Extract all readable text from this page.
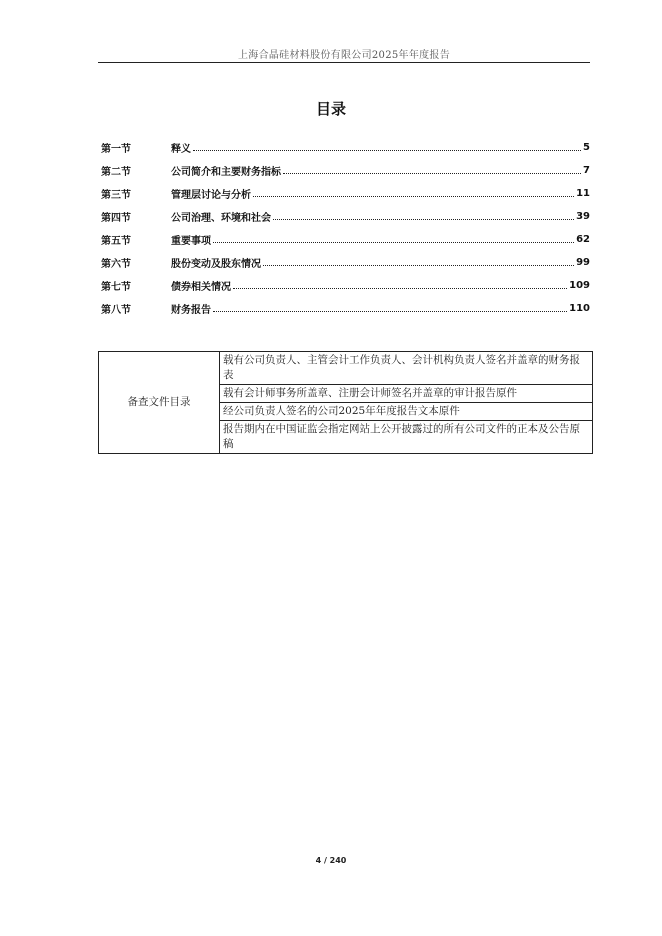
上海合晶硅材料股份有限公司2025年年度报告
目录
第一节	释义	5
第二节	公司简介和主要财务指标	7
第三节	管理层讨论与分析	11
第四节	公司治理、环境和社会	39
第五节	重要事项	62
第六节	股份变动及股东情况	99
第七节	债券相关情况	109
第八节	财务报告	110
备查文件目录	载有公司负责人、主管会计工作负责人、会计机构负责人签名并盖章的财务报表
载有会计师事务所盖章、注册会计师签名并盖章的审计报告原件
经公司负责人签名的公司2025年年度报告文本原件
报告期内在中国证监会指定网站上公开披露过的所有公司文件的正本及公告原稿
4 / 240
